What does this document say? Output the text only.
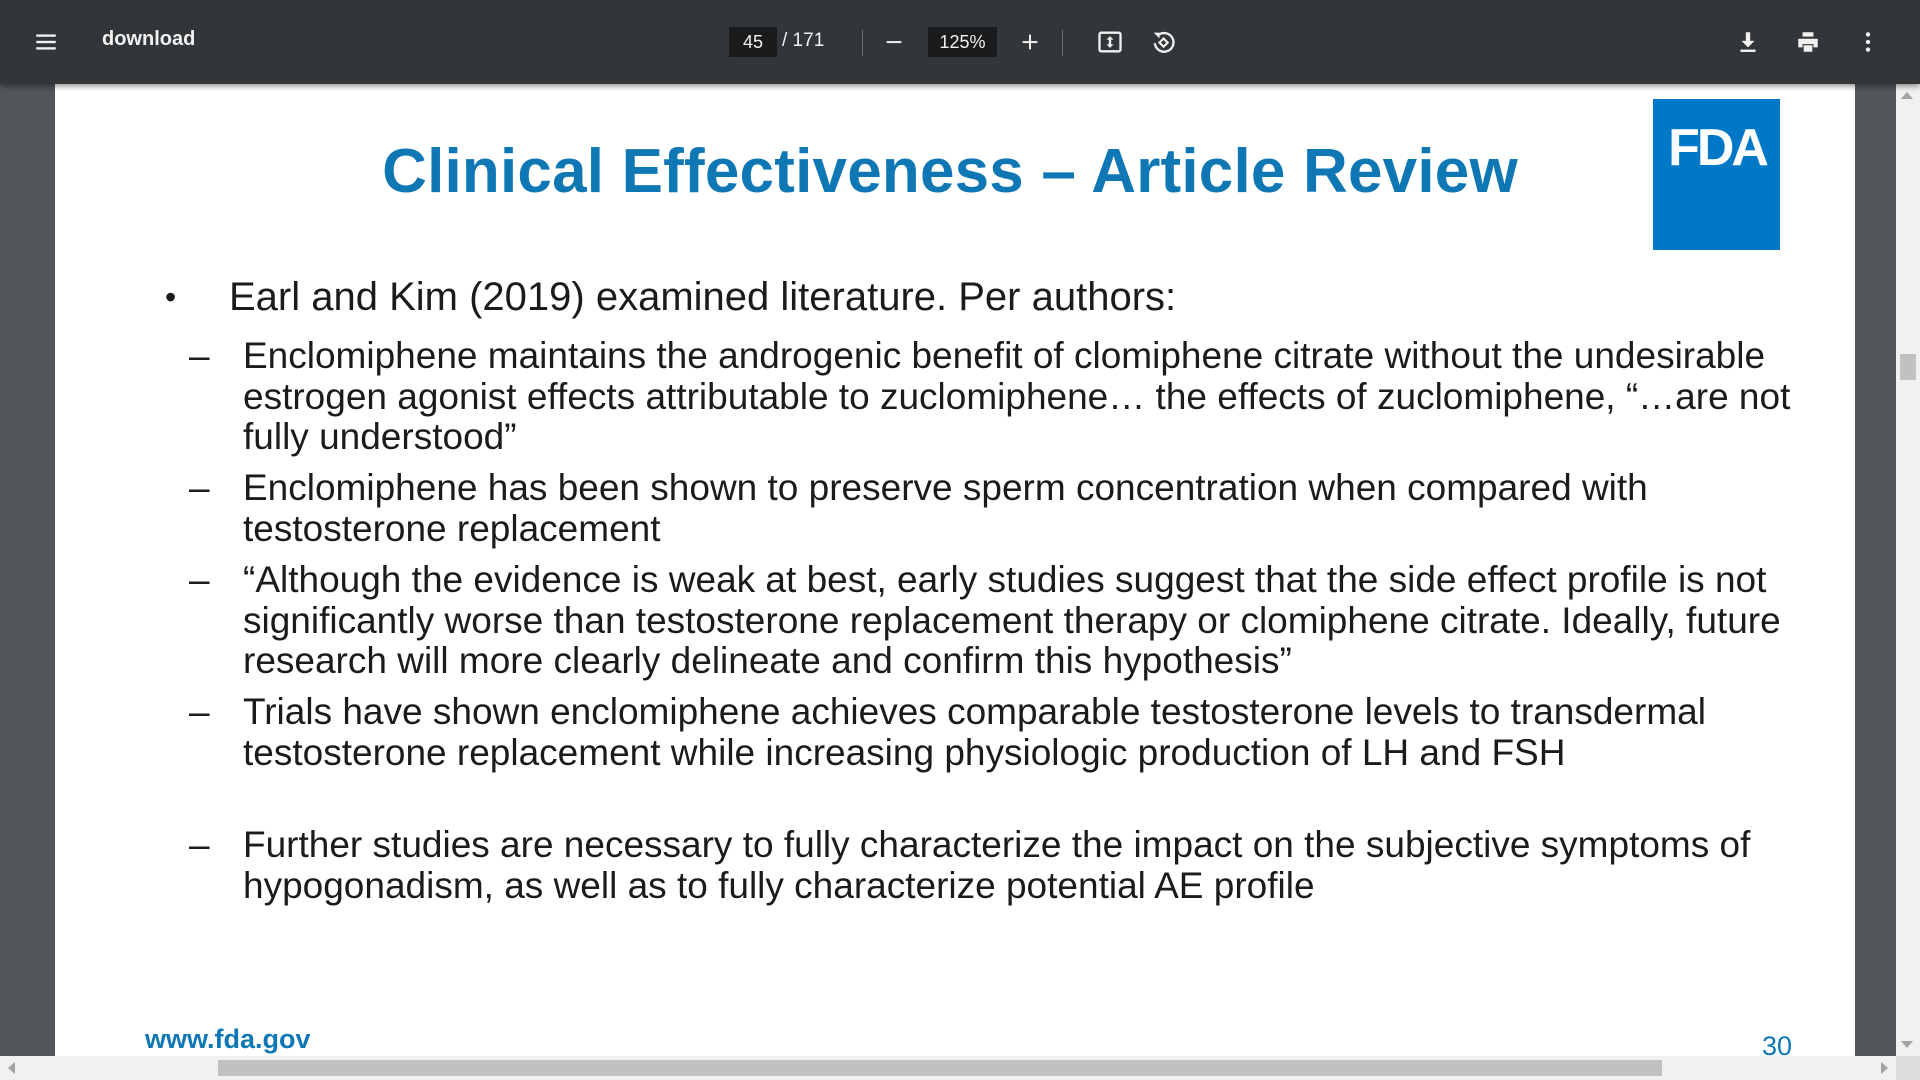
download
45	/ 171
125%
Clinical Effectiveness – Article Review	FDA
•	Earl and Kim (2019) examined literature. Per authors:
– Enclomiphene maintains the androgenic benefit of clomiphene citrate without the undesirable estrogen agonist effects attributable to zuclomiphene… the effects of zuclomiphene, “…are not fully understood”
– Enclomiphene has been shown to preserve sperm concentration when compared with testosterone replacement
– “Although the evidence is weak at best, early studies suggest that the side effect profile is not significantly worse than testosterone replacement therapy or clomiphene citrate. Ideally, future research will more clearly delineate and confirm this hypothesis”
– Trials have shown enclomiphene achieves comparable testosterone levels to transdermal testosterone replacement while increasing physiologic production of LH and FSH
– Further studies are necessary to fully characterize the impact on the subjective symptoms of hypogonadism, as well as to fully characterize potential AE profile
www.fda.gov	30
